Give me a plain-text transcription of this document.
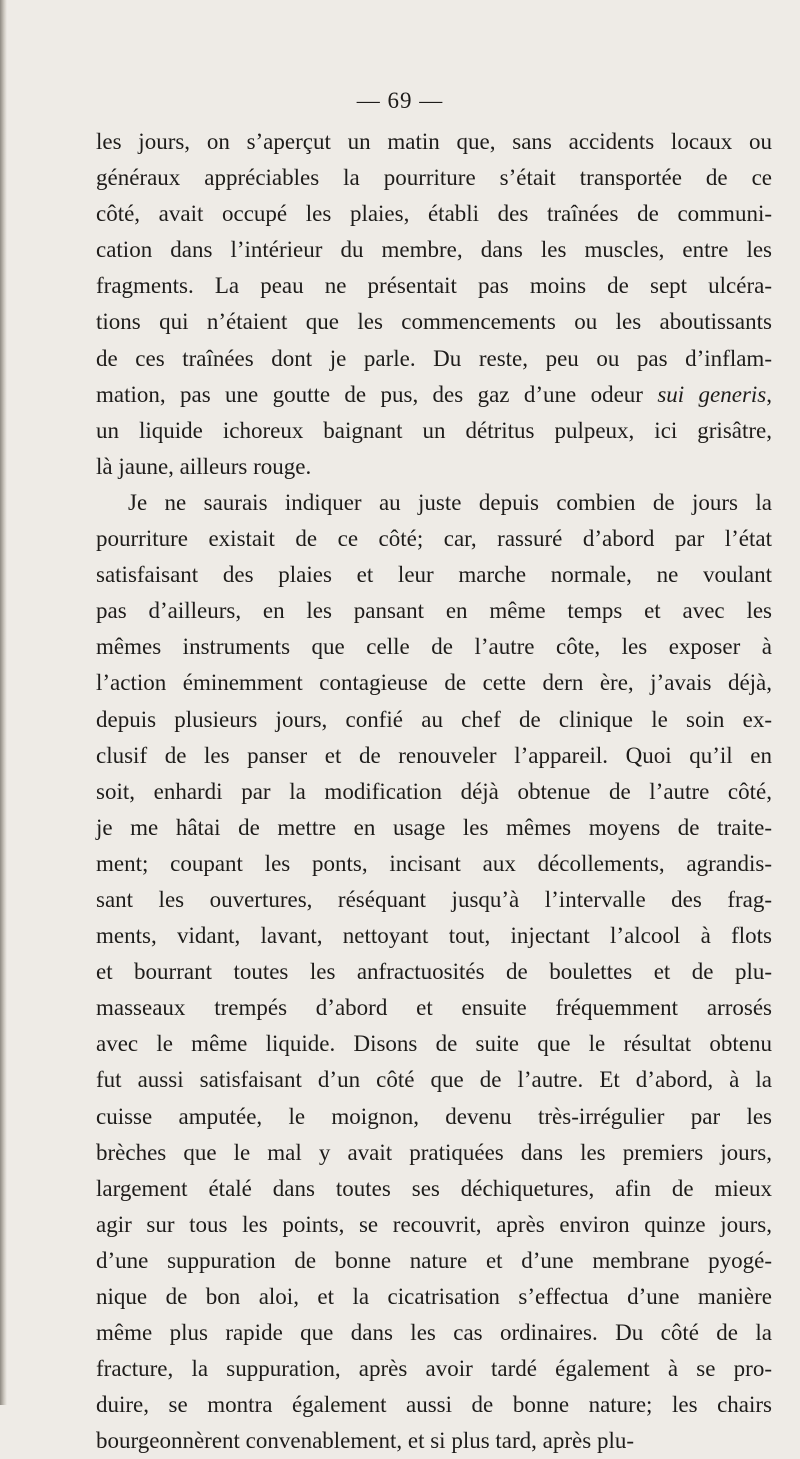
— 69 —
les jours, on s’aperçut un matin que, sans accidents locaux ou
généraux appréciables la pourriture s’était transportée de ce
côté, avait occupé les plaies, établi des traînées de communi-
cation dans l’intérieur du membre, dans les muscles, entre les
fragments. La peau ne présentait pas moins de sept ulcéra-
tions qui n’étaient que les commencements ou les aboutissants
de ces traînées dont je parle. Du reste, peu ou pas d’inflam-
mation, pas une goutte de pus, des gaz d’une odeur sui generis,
un liquide ichoreux baignant un détritus pulpeux, ici grisâtre,
là jaune, ailleurs rouge.
Je ne saurais indiquer au juste depuis combien de jours la
pourriture existait de ce côté; car, rassuré d’abord par l’état
satisfaisant des plaies et leur marche normale, ne voulant
pas d’ailleurs, en les pansant en même temps et avec les
mêmes instruments que celle de l’autre côte, les exposer à
l’action éminemment contagieuse de cette dern ère, j’avais déjà,
depuis plusieurs jours, confié au chef de clinique le soin ex-
clusif de les panser et de renouveler l’appareil. Quoi qu’il en
soit, enhardi par la modification déjà obtenue de l’autre côté,
je me hâtai de mettre en usage les mêmes moyens de traite-
ment; coupant les ponts, incisant aux décollements, agrandis-
sant les ouvertures, réséquant jusqu’à l’intervalle des frag-
ments, vidant, lavant, nettoyant tout, injectant l’alcool à flots
et bourrant toutes les anfractuosités de boulettes et de plu-
masseaux trempés d’abord et ensuite fréquemment arrosés
avec le même liquide. Disons de suite que le résultat obtenu
fut aussi satisfaisant d’un côté que de l’autre. Et d’abord, à la
cuisse amputée, le moignon, devenu très-irrégulier par les
brèches que le mal y avait pratiquées dans les premiers jours,
largement étalé dans toutes ses déchiquetures, afin de mieux
agir sur tous les points, se recouvrit, après environ quinze jours,
d’une suppuration de bonne nature et d’une membrane pyogé-
nique de bon aloi, et la cicatrisation s’effectua d’une manière
même plus rapide que dans les cas ordinaires. Du côté de la
fracture, la suppuration, après avoir tardé également à se pro-
duire, se montra également aussi de bonne nature; les chairs
bourgeonnèrent convenablement, et si plus tard, après plu-
